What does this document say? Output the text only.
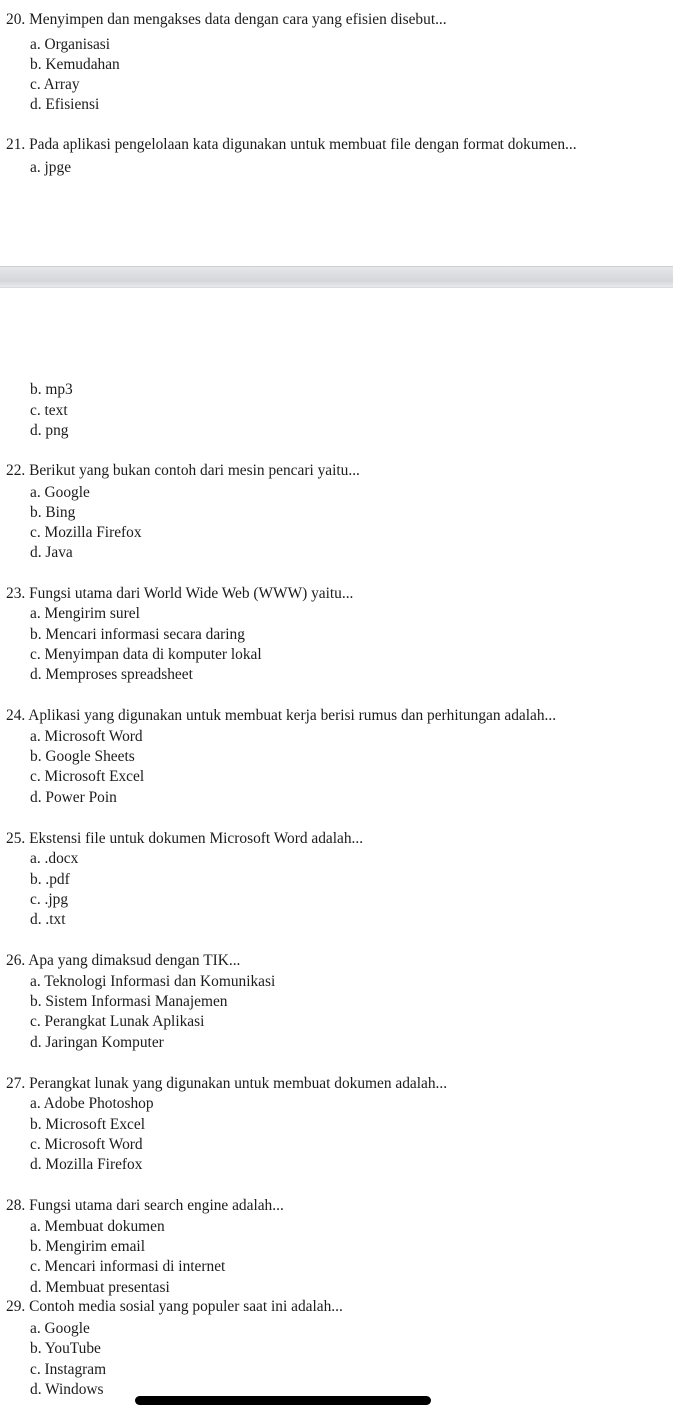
20. Menyimpen dan mengakses data dengan cara yang efisien disebut...
a. Organisasi
b. Kemudahan
c. Array
d. Efisiensi
21. Pada aplikasi pengelolaan kata digunakan untuk membuat file dengan format dokumen...
a. jpge
b. mp3
c. text
d. png
22. Berikut yang bukan contoh dari mesin pencari yaitu...
a. Google
b. Bing
c. Mozilla Firefox
d. Java
23. Fungsi utama dari World Wide Web (WWW) yaitu...
a. Mengirim surel
b. Mencari informasi secara daring
c. Menyimpan data di komputer lokal
d. Memproses spreadsheet
24. Aplikasi yang digunakan untuk membuat kerja berisi rumus dan perhitungan adalah...
a. Microsoft Word
b. Google Sheets
c. Microsoft Excel
d. Power Poin
25. Ekstensi file untuk dokumen Microsoft Word adalah...
a. .docx
b. .pdf
c. .jpg
d. .txt
26. Apa yang dimaksud dengan TIK...
a. Teknologi Informasi dan Komunikasi
b. Sistem Informasi Manajemen
c. Perangkat Lunak Aplikasi
d. Jaringan Komputer
27. Perangkat lunak yang digunakan untuk membuat dokumen adalah...
a. Adobe Photoshop
b. Microsoft Excel
c. Microsoft Word
d. Mozilla Firefox
28. Fungsi utama dari search engine adalah...
a. Membuat dokumen
b. Mengirim email
c. Mencari informasi di internet
d. Membuat presentasi
29. Contoh media sosial yang populer saat ini adalah...
a. Google
b. YouTube
c. Instagram
d. Windows
